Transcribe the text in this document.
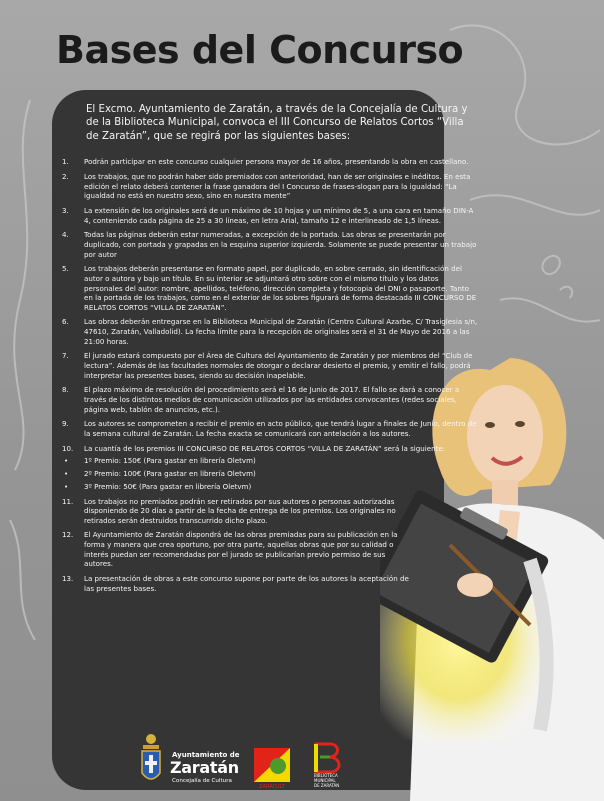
Bases del Concurso

El Excmo. Ayuntamiento de Zaratán, a través de la Concejalía de Cultura y de la Biblioteca Municipal, convoca el III Concurso de Relatos Cortos “Villa de Zaratán”, que se regirá por las siguientes bases:

1. Podrán participar en este concurso cualquier persona mayor de 16 años, presentando la obra en castellano.
2. Los trabajos, que no podrán haber sido premiados con anterioridad, han de ser originales e inéditos. En esta edición el relato deberá contener la frase ganadora del I Concurso de frases-slogan para la igualdad: “La igualdad no está en nuestro sexo, sino en nuestra mente”
3. La extensión de los originales será de un máximo de 10 hojas y un mínimo de 5, a una cara en tamaño DIN-A 4, conteniendo cada página de 25 a 30 líneas, en letra Arial, tamaño 12 e interlineado de 1,5 líneas.
4. Todas las páginas deberán estar numeradas, a excepción de la portada. Las obras se presentarán por duplicado, con portada y grapadas en la esquina superior izquierda. Solamente se puede presentar un trabajo por autor
5. Los trabajos deberán presentarse en formato papel, por duplicado, en sobre cerrado, sin identificación del autor o autora y bajo un título. En su interior se adjuntará otro sobre con el mismo título y los datos personales del autor: nombre, apellidos, teléfono, dirección completa y fotocopia del DNI o pasaporte. Tanto en la portada de los trabajos, como en el exterior de los sobres figurará de forma destacada III CONCURSO DE RELATOS CORTOS “VILLA DE ZARATÁN”.
6. Las obras deberán entregarse en la Biblioteca Municipal de Zaratán (Centro Cultural Azarbe, C/ Trasiglesia s/n, 47610, Zaratán, Valladolid). La fecha límite para la recepción de originales será el 31 de Mayo de 2016 a las 21:00 horas.
7. El jurado estará compuesto por el Área de Cultura del Ayuntamiento de Zaratán y por miembros del “Club de lectura”. Además de las facultades normales de otorgar o declarar desierto el premio, y emitir el fallo, podrá interpretar las presentes bases, siendo su decisión inapelable.
8. El plazo máximo de resolución del procedimiento será el 16 de Junio de 2017. El fallo se dará a conocer a través de los distintos medios de comunicación utilizados por las entidades convocantes (redes sociales, página web, tablón de anuncios, etc.).
9. Los autores se comprometen a recibir el premio en acto público, que tendrá lugar a finales de Junio, dentro de la semana cultural de Zaratán. La fecha exacta se comunicará con antelación a los autores.
10. La cuantía de los premios III CONCURSO DE RELATOS CORTOS “VILLA DE ZARATÁN” será la siguiente:
• 1º Premio: 150€ (Para gastar en librería Oletvm)
• 2º Premio: 100€ (Para gastar en librería Oletvm)
• 3º Premio: 50€ (Para gastar en librería Oletvm)
11. Los trabajos no premiados podrán ser retirados por sus autores o personas autorizadas disponiendo de 20 días a partir de la fecha de entrega de los premios. Los originales no retirados serán destruidos transcurrido dicho plazo.
12. El Ayuntamiento de Zaratán dispondrá de las obras premiadas para su publicación en la forma y manera que crea oportuno, por otra parte, aquellas obras que por su calidad o interés puedan ser recomendadas por el jurado se publicarían previo permiso de sus autores.
13. La presentación de obras a este concurso supone por parte de los autores la aceptación de las presentes bases.
Ayuntamiento de
Zaratán
Concejalía de Cultura
ZARACULT
BIBLIOTECA
MUNICIPAL
DE ZARATÁN
